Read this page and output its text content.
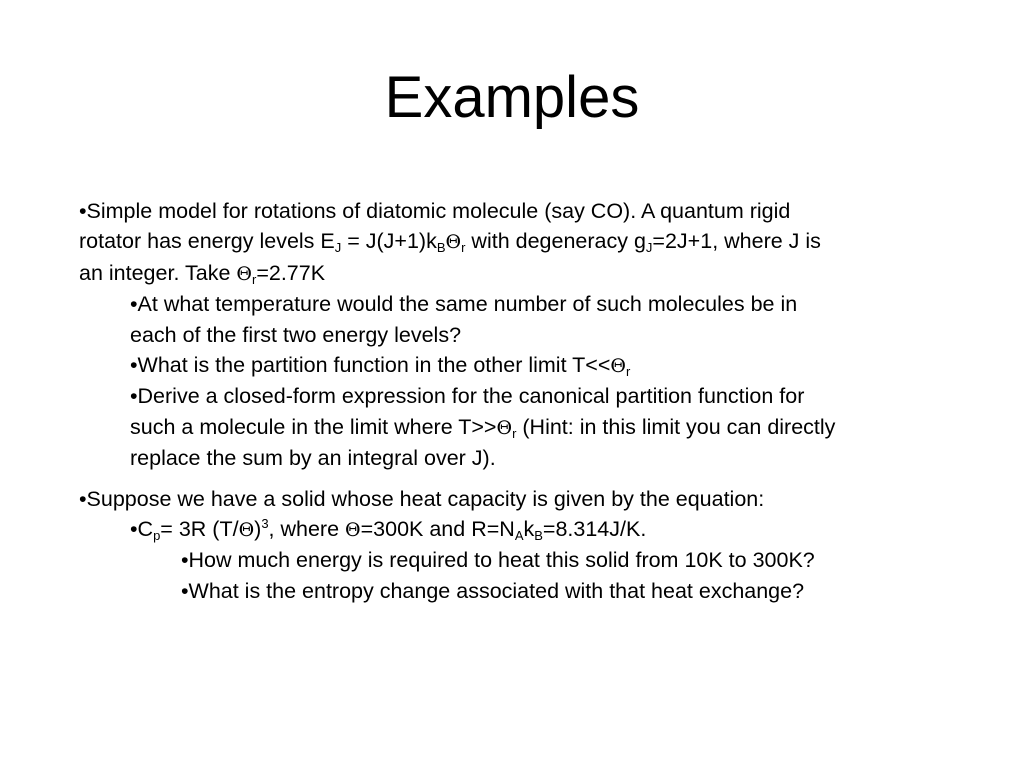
Examples

•Simple model for rotations of diatomic molecule (say CO). A quantum rigid

rotator has energy levels $E_J = J(J+1)k_B\Theta_r$ with degeneracy $g_J=2J+1$, where J is

an integer. Take $\Theta_r=2.77K$

•At what temperature would the same number of such molecules be in

each of the first two energy levels?

•What is the partition function in the other limit $T<<\Theta_r$

•Derive a closed-form expression for the canonical partition function for

such a molecule in the limit where $T>>\Theta_r$ (Hint: in this limit you can directly

replace the sum by an integral over J).

•Suppose we have a solid whose heat capacity is given by the equation:

$•C_p= 3R$ $(T/\Theta)^3$, where Θ=300K and $R=N_Ak_B=8.314J/K$.

•How much energy is required to heat this solid from 10K to 300K?

•What is the entropy change associated with that heat exchange?
